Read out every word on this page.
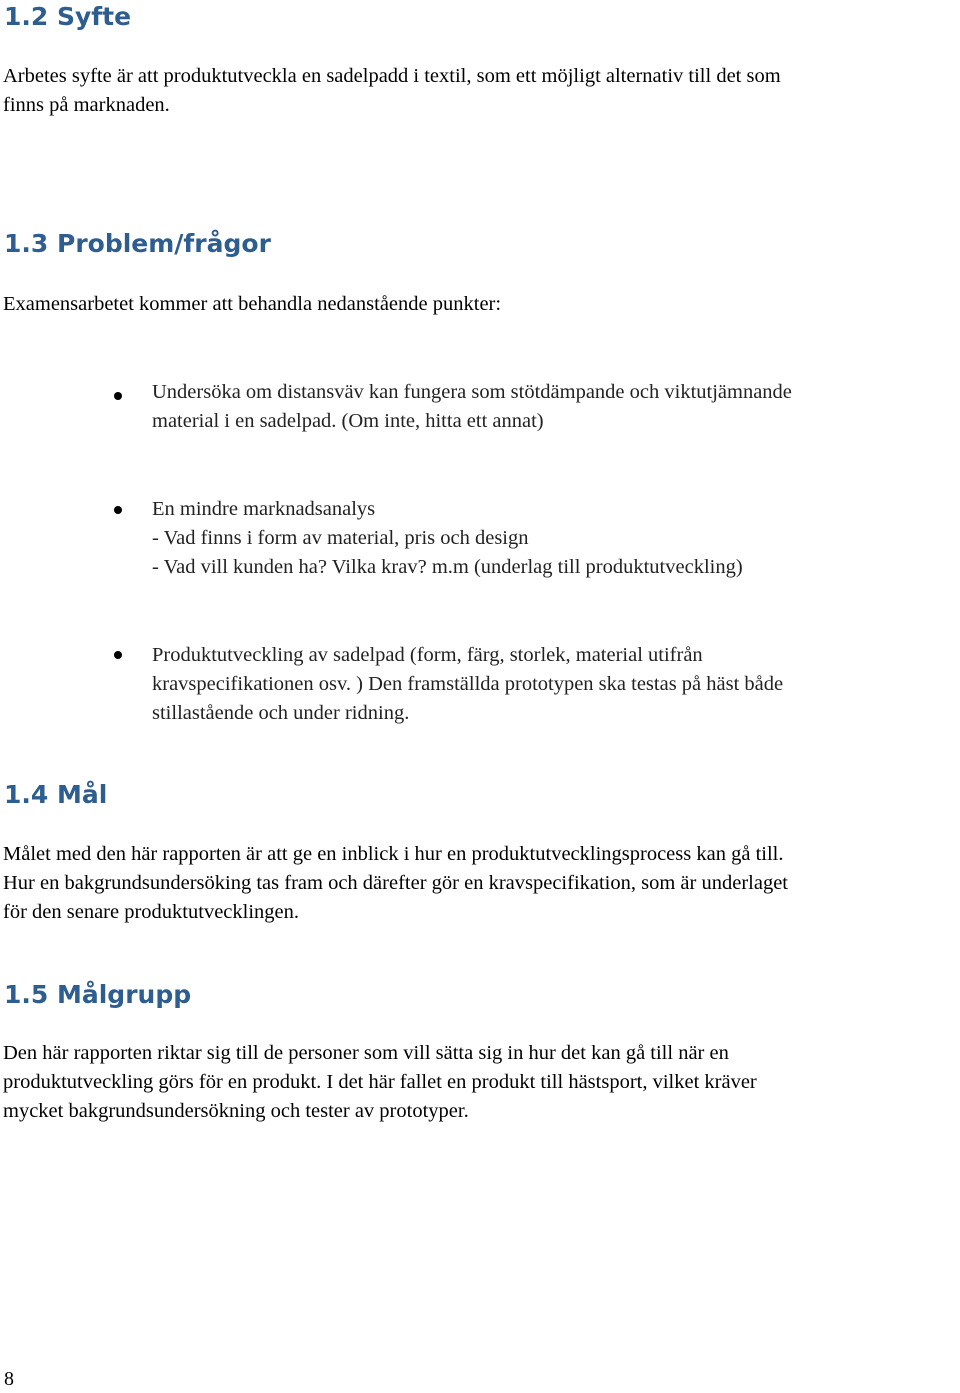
1.2 Syfte

Arbetes syfte är att produktutveckla en sadelpadd i textil, som ett möjligt alternativ till det som
finns på marknaden.

1.3 Problem/frågor

Examensarbetet kommer att behandla nedanstående punkter:

Undersöka om distansväv kan fungera som stötdämpande och viktutjämnande
material i en sadelpad. (Om inte, hitta ett annat)

En mindre marknadsanalys
- Vad finns i form av material, pris och design
- Vad vill kunden ha? Vilka krav? m.m (underlag till produktutveckling)

Produktutveckling av sadelpad (form, färg, storlek, material utifrån
kravspecifikationen osv. ) Den framställda prototypen ska testas på häst både
stillastående och under ridning.

1.4 Mål

Målet med den här rapporten är att ge en inblick i hur en produktutvecklingsprocess kan gå till.
Hur en bakgrundsundersöking tas fram och därefter gör en kravspecifikation, som är underlaget
för den senare produktutvecklingen.

1.5 Målgrupp

Den här rapporten riktar sig till de personer som vill sätta sig in hur det kan gå till när en
produktutveckling görs för en produkt. I det här fallet en produkt till hästsport, vilket kräver
mycket bakgrundsundersökning och tester av prototyper.

8
